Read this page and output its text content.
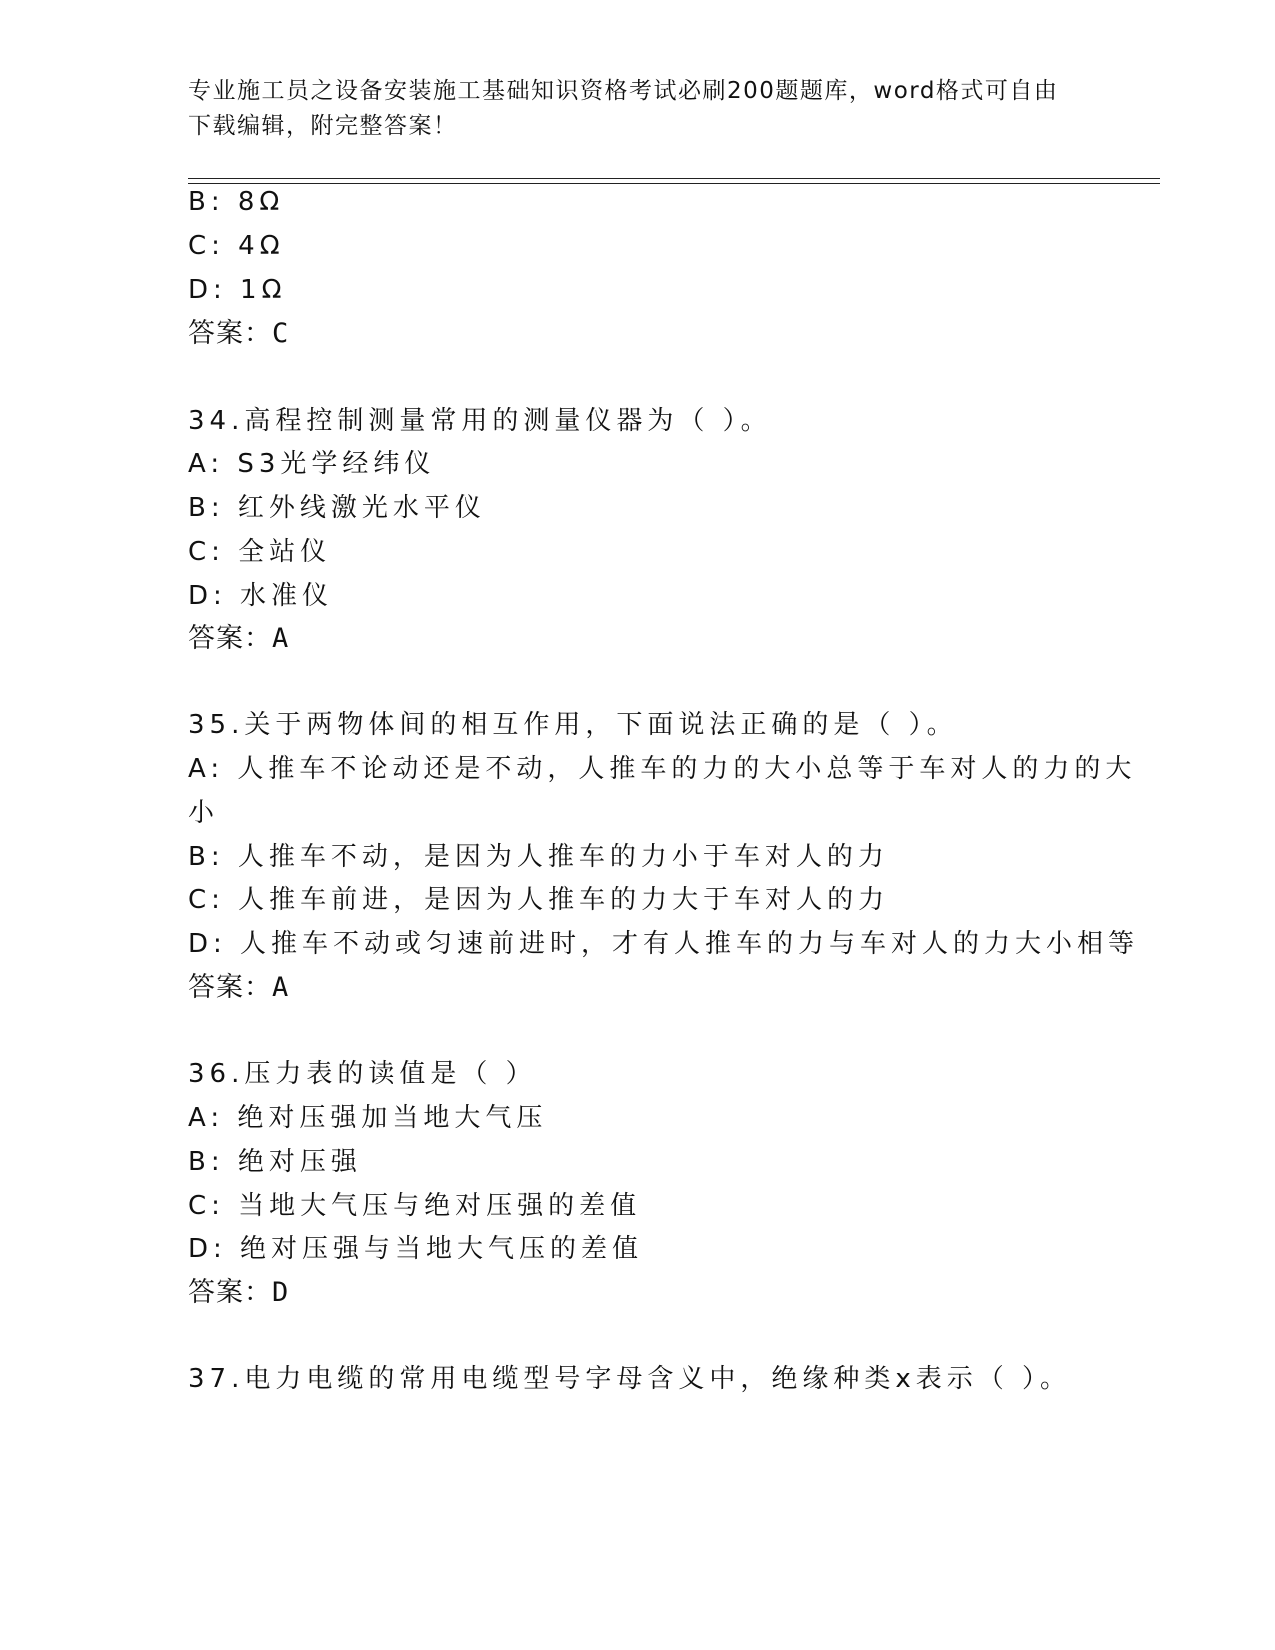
专业施工员之设备安装施工基础知识资格考试必刷200题题库，word格式可自由
下载编辑，附完整答案！
B: 8Ω
C: 4Ω
D: 1Ω
答案：C
34.高程控制测量常用的测量仪器为（ ）。
A: S3光学经纬仪
B: 红外线激光水平仪
C: 全站仪
D: 水准仪
答案：A
35.关于两物体间的相互作用，下面说法正确的是（ ）。
A: 人推车不论动还是不动，人推车的力的大小总等于车对人的力的大
小
B: 人推车不动，是因为人推车的力小于车对人的力
C: 人推车前进，是因为人推车的力大于车对人的力
D: 人推车不动或匀速前进时，才有人推车的力与车对人的力大小相等
答案：A
36.压力表的读值是（ ）
A: 绝对压强加当地大气压
B: 绝对压强
C: 当地大气压与绝对压强的差值
D: 绝对压强与当地大气压的差值
答案：D
37.电力电缆的常用电缆型号字母含义中，绝缘种类x表示（ ）。
